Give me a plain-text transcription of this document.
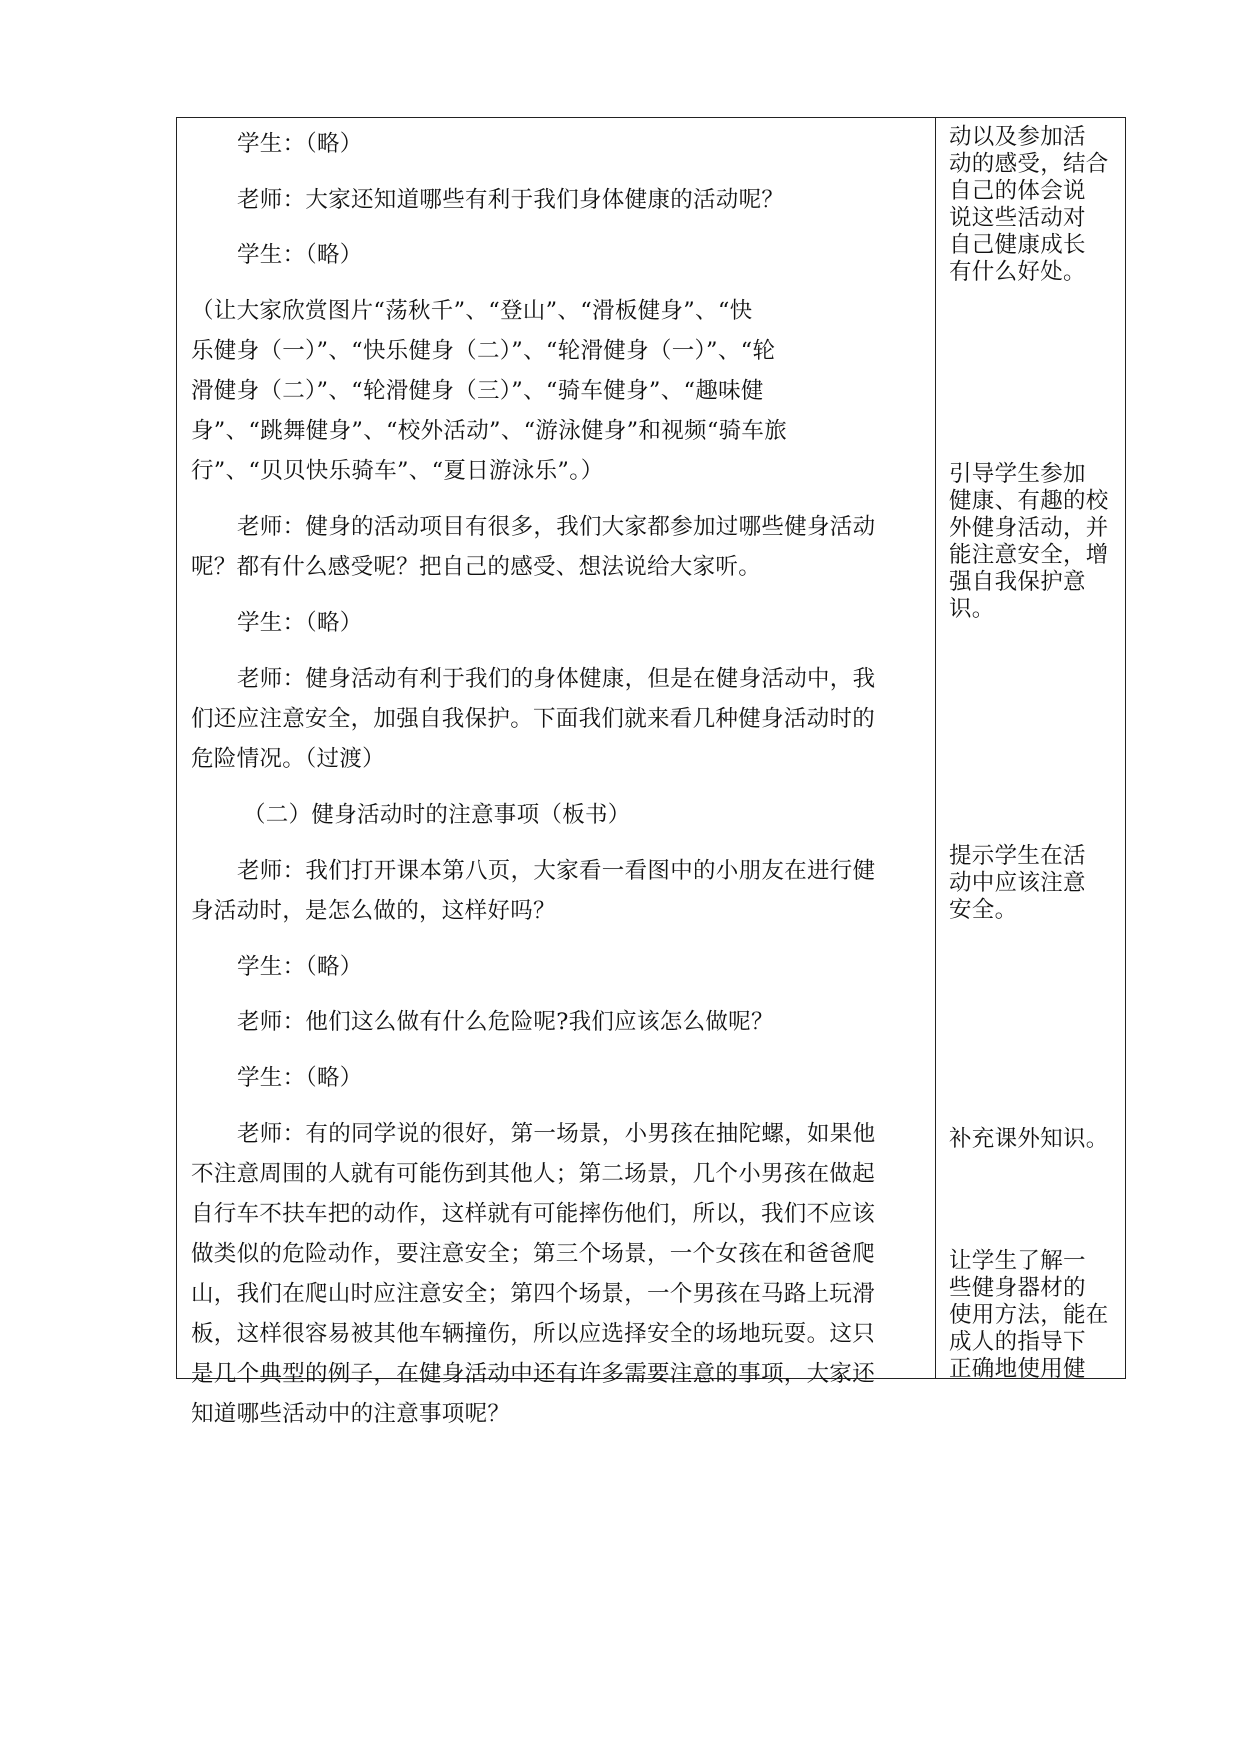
学生：（略）
老师：大家还知道哪些有利于我们身体健康的活动呢？
学生：（略）
（让大家欣赏图片“荡秋千”、“登山”、“滑板健身”、“快
乐健身（一）”、“快乐健身（二）”、“轮滑健身（一）”、“轮
滑健身（二）”、“轮滑健身（三）”、“骑车健身”、“趣味健
身”、“跳舞健身”、“校外活动”、“游泳健身”和视频“骑车旅
行”、“贝贝快乐骑车”、“夏日游泳乐”。）
老师：健身的活动项目有很多，我们大家都参加过哪些健身活动
呢？都有什么感受呢？把自己的感受、想法说给大家听。
学生：（略）
老师：健身活动有利于我们的身体健康，但是在健身活动中，我
们还应注意安全，加强自我保护。下面我们就来看几种健身活动时的
危险情况。（过渡）
（二）健身活动时的注意事项（板书）
老师：我们打开课本第八页，大家看一看图中的小朋友在进行健
身活动时，是怎么做的，这样好吗？
学生：（略）
老师：他们这么做有什么危险呢?我们应该怎么做呢？
学生：（略）
老师：有的同学说的很好，第一场景，小男孩在抽陀螺，如果他
不注意周围的人就有可能伤到其他人；第二场景，几个小男孩在做起
自行车不扶车把的动作，这样就有可能摔伤他们，所以，我们不应该
做类似的危险动作，要注意安全；第三个场景，一个女孩在和爸爸爬
山，我们在爬山时应注意安全；第四个场景，一个男孩在马路上玩滑
板，这样很容易被其他车辆撞伤，所以应选择安全的场地玩耍。这只
是几个典型的例子，在健身活动中还有许多需要注意的事项，大家还
知道哪些活动中的注意事项呢？
动以及参加活
动的感受，结合
自己的体会说
说这些活动对
自己健康成长
有什么好处。
引导学生参加
健康、有趣的校
外健身活动，并
能注意安全，增
强自我保护意
识。
提示学生在活
动中应该注意
安全。
补充课外知识。
让学生了解一
些健身器材的
使用方法，能在
成人的指导下
正确地使用健
